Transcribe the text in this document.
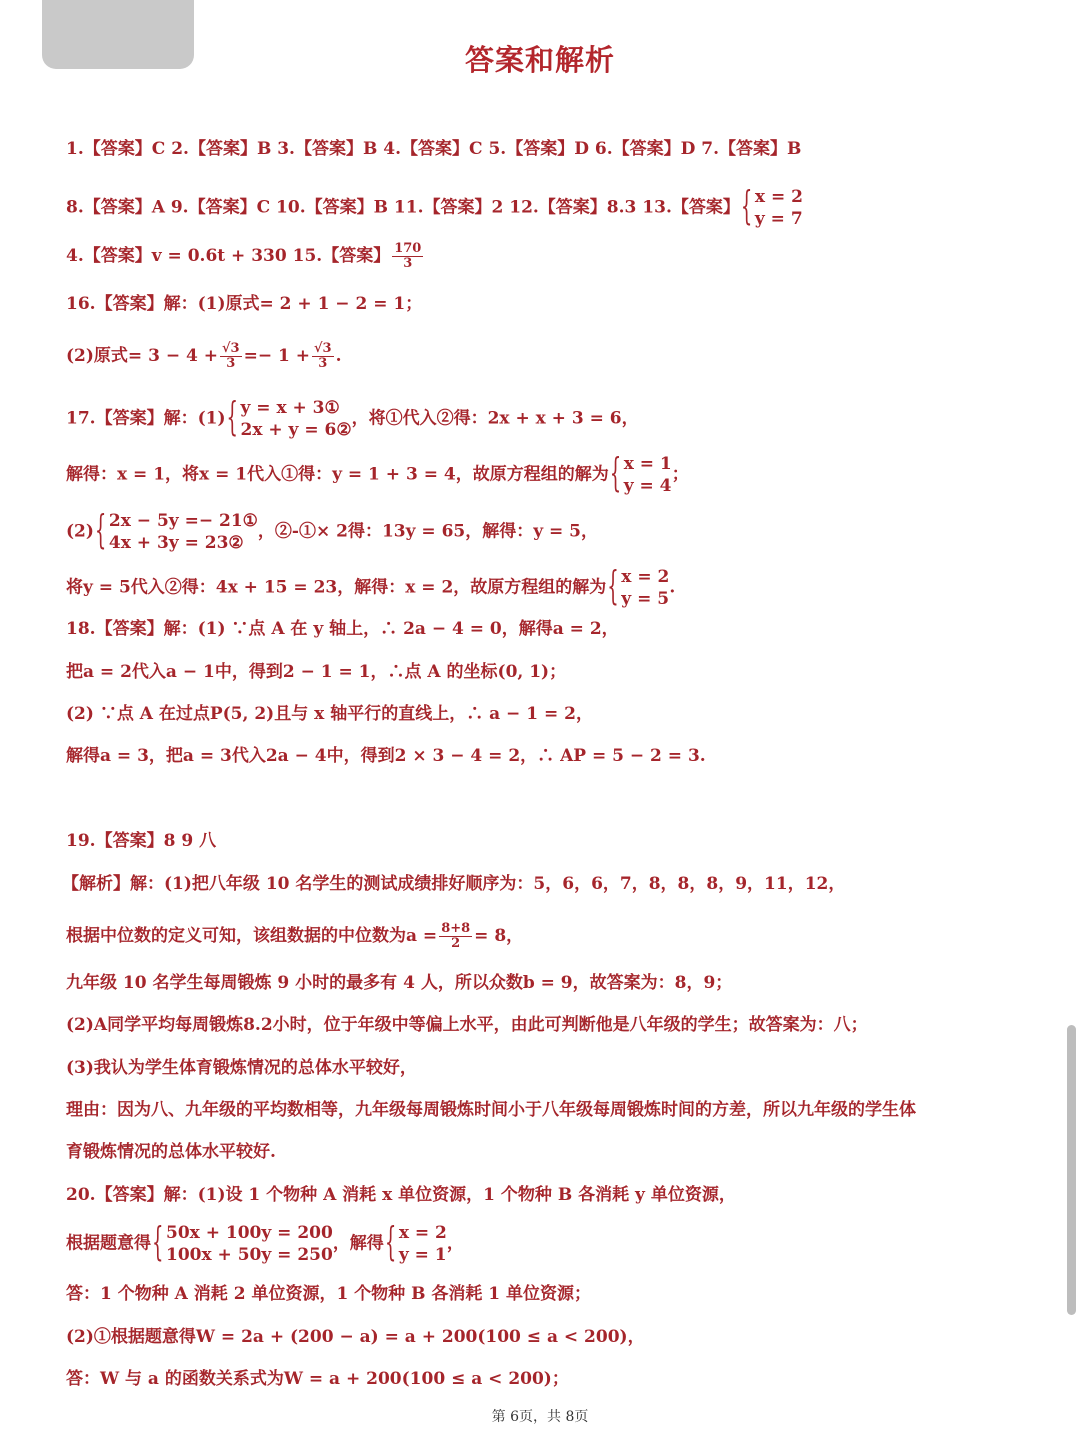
答案和解析
1.【答案】C 2.【答案】B 3.【答案】B 4.【答案】C 5.【答案】D 6.【答案】D 7.【答案】B
8.【答案】A 9.【答案】C 10.【答案】B 11.【答案】2 12.【答案】8.3 13.【答案】
{ x = 2
y = 7
4.【答案】v = 0.6t + 330 15.【答案】 $\frac{170}{3}$
16.【答案】解：(1)原式= 2 + 1 − 2 = 1；
(2)原式= $3 - 4 + \frac{√3}{3} =- 1 + \frac{√3}{3}$ .
17.【答案】解：(1)
{ y = x + 3①
2x + y = 6②
，将①代入②得：2x + x + 3 = 6，
解得：x = 1，将x = 1代入①得：y = 1 + 3 = 4，故原方程组的解为
{ x = 1
y = 4
；
(2)
{ 2x − 5y =− 21①
4x + 3y = 23②
，②-①× 2得：13y = 65，解得：y = 5，
将y = 5代入②得：4x + 15 = 23，解得：x = 2，故原方程组的解为
{ x = 2
y = 5
.
18.【答案】解：(1) ∵点 A 在 y 轴上，∴ 2a − 4 = 0，解得a = 2，
把a = 2代入a − 1中，得到2 − 1 = 1，∴点 A 的坐标(0, 1)；
(2) ∵点 A 在过点P(5, 2)且与 x 轴平行的直线上，∴ a − 1 = 2，
解得a = 3，把a = 3代入2a − 4中，得到2 × 3 − 4 = 2，∴ AP = 5 − 2 = 3.
19.【答案】8 9 八
【解析】解：(1)把八年级 10 名学生的测试成绩排好顺序为：5，6，6，7，8，8，8，9，11，12，
根据中位数的定义可知，该组数据的中位数为$a = \frac{8+8}{2} = 8$，
九年级 10 名学生每周锻炼 9 小时的最多有 4 人，所以众数b = 9，故答案为：8，9；
(2)A同学平均每周锻炼8.2小时，位于年级中等偏上水平，由此可判断他是八年级的学生；故答案为：八；
(3)我认为学生体育锻炼情况的总体水平较好，
理由：因为八、九年级的平均数相等，九年级每周锻炼时间小于八年级每周锻炼时间的方差，所以九年级的学生体
育锻炼情况的总体水平较好.
20.【答案】解：(1)设 1 个物种 A 消耗 x 单位资源，1 个物种 B 各消耗 y 单位资源，
根据题意得
{ 50x + 100y = 200
100x + 50y = 250
，解得
{ x = 2
y = 1
，
答：1 个物种 A 消耗 2 单位资源，1 个物种 B 各消耗 1 单位资源；
(2)①根据题意得W = 2a + (200 − a) = a + 200(100 ≤ a < 200)，
答：W 与 a 的函数关系式为W = a + 200(100 ≤ a < 200)；
第 6页，共 8页
